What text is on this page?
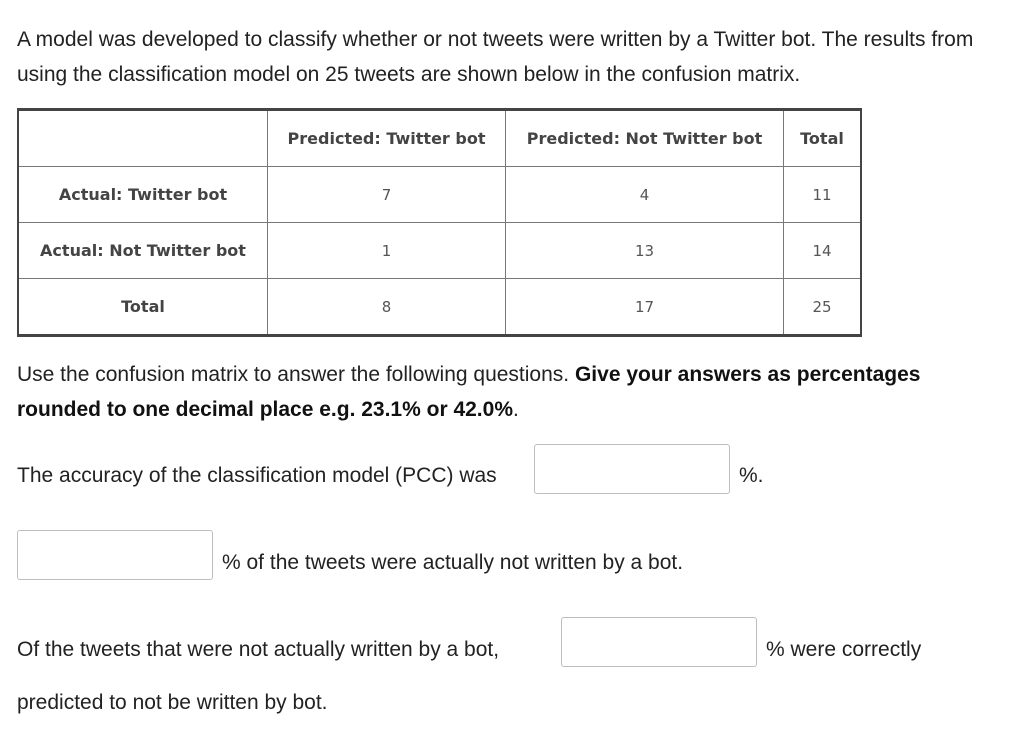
A model was developed to classify whether or not tweets were written by a Twitter bot. The results from using the classification model on 25 tweets are shown below in the confusion matrix.

	Predicted: Twitter bot	Predicted: Not Twitter bot	Total
Actual: Twitter bot	7	4	11
Actual: Not Twitter bot	1	13	14
Total	8	17	25

Use the confusion matrix to answer the following questions. Give your answers as percentages rounded to one decimal place e.g. 23.1% or 42.0%.

The accuracy of the classification model (PCC) was	%.
% of the tweets were actually not written by a bot.
Of the tweets that were not actually written by a bot,	% were correctly
predicted to not be written by bot.
